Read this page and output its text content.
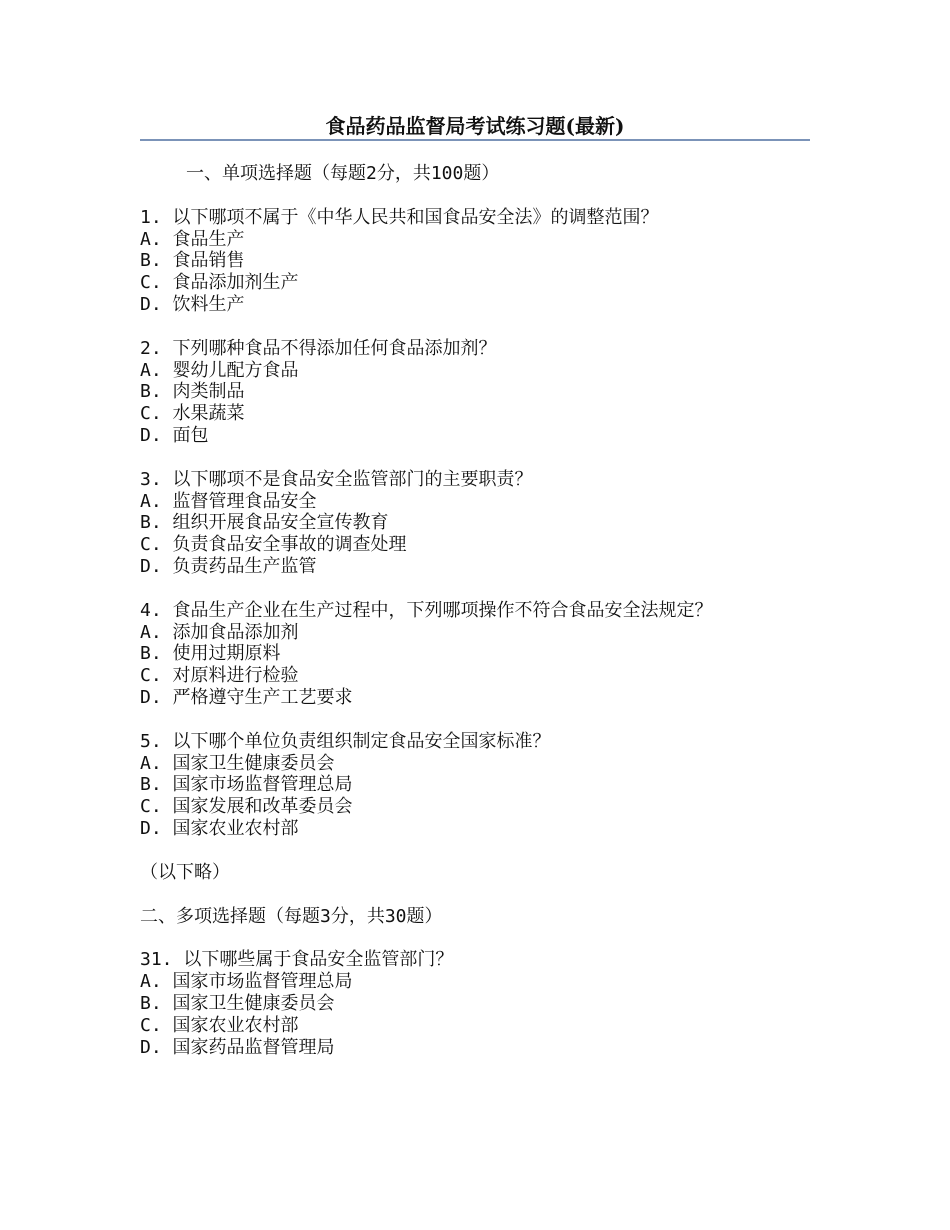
食品药品监督局考试练习题(最新)
一、单项选择题（每题2分，共100题）

1. 以下哪项不属于《中华人民共和国食品安全法》的调整范围？

A. 食品生产

B. 食品销售

C. 食品添加剂生产

D. 饮料生产

2. 下列哪种食品不得添加任何食品添加剂？

A. 婴幼儿配方食品

B. 肉类制品

C. 水果蔬菜

D. 面包

3. 以下哪项不是食品安全监管部门的主要职责？

A. 监督管理食品安全

B. 组织开展食品安全宣传教育

C. 负责食品安全事故的调查处理

D. 负责药品生产监管

4. 食品生产企业在生产过程中，下列哪项操作不符合食品安全法规定？

A. 添加食品添加剂

B. 使用过期原料

C. 对原料进行检验

D. 严格遵守生产工艺要求

5. 以下哪个单位负责组织制定食品安全国家标准？

A. 国家卫生健康委员会

B. 国家市场监督管理总局

C. 国家发展和改革委员会

D. 国家农业农村部

（以下略）

二、多项选择题（每题3分，共30题）

31. 以下哪些属于食品安全监管部门？

A. 国家市场监督管理总局

B. 国家卫生健康委员会

C. 国家农业农村部

D. 国家药品监督管理局
